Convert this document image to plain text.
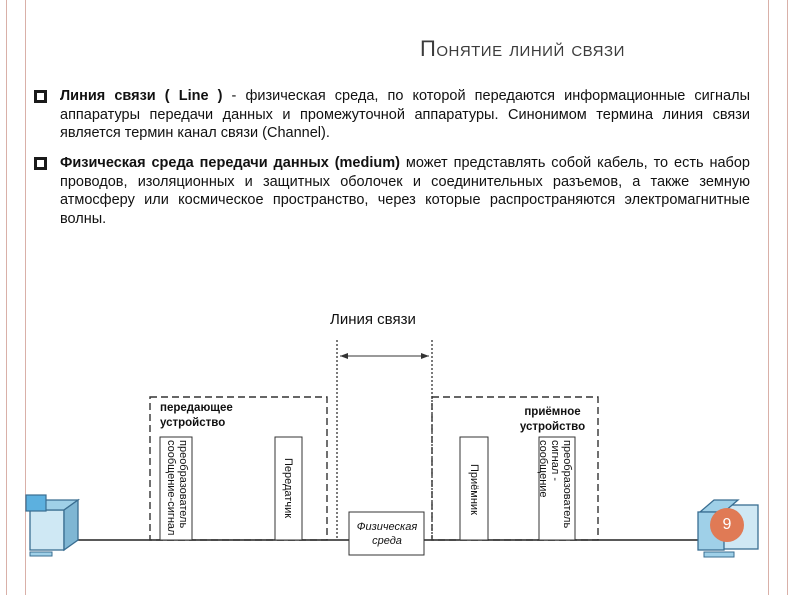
Понятие линий связи
Линия связи ( Line ) - физическая среда, по которой передаются информационные сигналы аппаратуры передачи данных и промежуточной аппаратуры. Синонимом термина линия связи является термин канал связи (Channel).
Физическая среда передачи данных (medium) может представлять собой кабель, то есть набор проводов, изоляционных и защитных оболочек и соединительных разъемов, а также земную атмосферу или космическое пространство, через которые распространяются электромагнитные волны.
Линия связи
передающее устройство
приёмное устройство
преобразователь сообщение-сигнал	Передатчик	Приёмник	преобразователь сигнал - сообщение
Физическая среда
9
